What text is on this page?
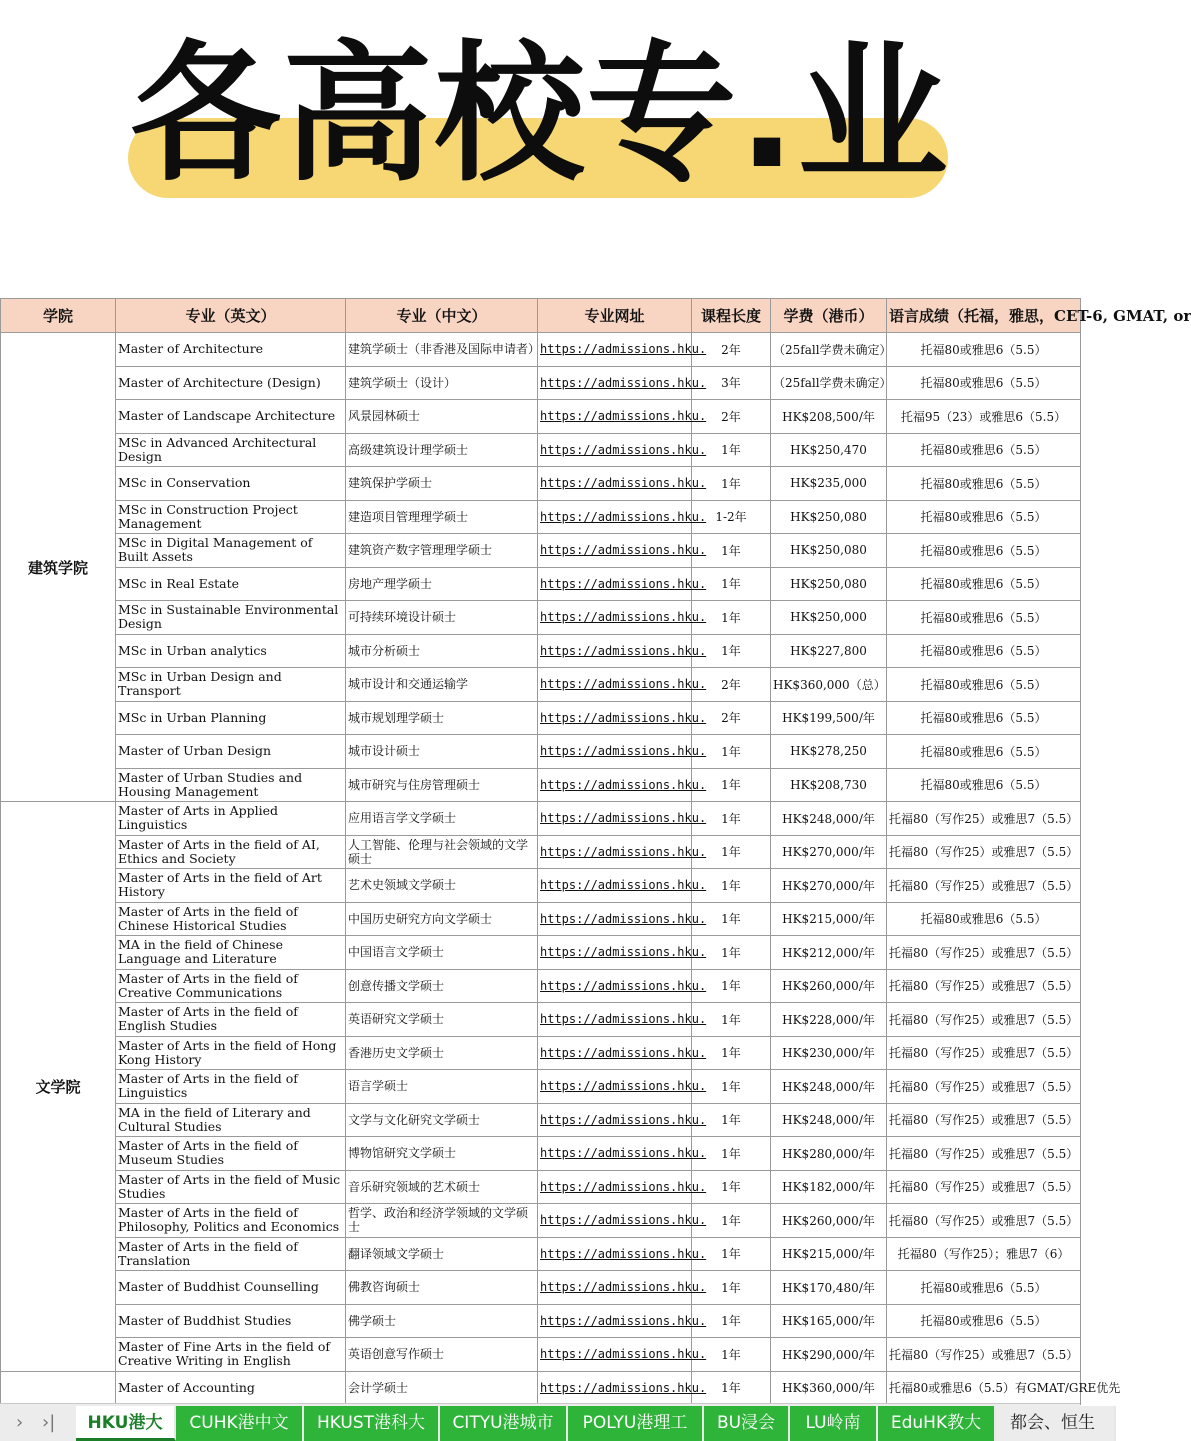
各高校专.业
学院	专业（英文）	专业（中文）	专业网址	课程长度	学费（港币）	语言成绩（托福，雅思，CET-6, GMAT, or
建筑学院	Master of Architecture	建筑学硕士（非香港及国际申请者）	https://admissions.hku.	2年	（25fall学费未确定）	托福80或雅思6（5.5）
	Master of Architecture (Design)	建筑学硕士（设计）	https://admissions.hku.	3年	（25fall学费未确定）	托福80或雅思6（5.5）
	Master of Landscape Architecture	风景园林硕士	https://admissions.hku.	2年	HK$208,500/年	托福95（23）或雅思6（5.5）
	MSc in Advanced Architectural Design	高级建筑设计理学硕士	https://admissions.hku.	1年	HK$250,470	托福80或雅思6（5.5）
	MSc in Conservation	建筑保护学硕士	https://admissions.hku.	1年	HK$235,000	托福80或雅思6（5.5）
	MSc in Construction Project Management	建造项目管理理学硕士	https://admissions.hku.	1-2年	HK$250,080	托福80或雅思6（5.5）
	MSc in Digital Management of Built Assets	建筑资产数字管理理学硕士	https://admissions.hku.	1年	HK$250,080	托福80或雅思6（5.5）
	MSc in Real Estate	房地产理学硕士	https://admissions.hku.	1年	HK$250,080	托福80或雅思6（5.5）
	MSc in Sustainable Environmental Design	可持续环境设计硕士	https://admissions.hku.	1年	HK$250,000	托福80或雅思6（5.5）
	MSc in Urban analytics	城市分析硕士	https://admissions.hku.	1年	HK$227,800	托福80或雅思6（5.5）
	MSc in Urban Design and Transport	城市设计和交通运输学	https://admissions.hku.	2年	HK$360,000（总）	托福80或雅思6（5.5）
	MSc in Urban Planning	城市规划理学硕士	https://admissions.hku.	2年	HK$199,500/年	托福80或雅思6（5.5）
	Master of Urban Design	城市设计硕士	https://admissions.hku.	1年	HK$278,250	托福80或雅思6（5.5）
	Master of Urban Studies and Housing Management	城市研究与住房管理硕士	https://admissions.hku.	1年	HK$208,730	托福80或雅思6（5.5）
文学院	Master of Arts in Applied Linguistics	应用语言学文学硕士	https://admissions.hku.	1年	HK$248,000/年	托福80（写作25）或雅思7（5.5）
	Master of Arts in the field of AI, Ethics and Society	人工智能、伦理与社会领域的文学硕士	https://admissions.hku.	1年	HK$270,000/年	托福80（写作25）或雅思7（5.5）
	Master of Arts in the field of Art History	艺术史领域文学硕士	https://admissions.hku.	1年	HK$270,000/年	托福80（写作25）或雅思7（5.5）
	Master of Arts in the field of Chinese Historical Studies	中国历史研究方向文学硕士	https://admissions.hku.	1年	HK$215,000/年	托福80或雅思6（5.5）
	MA in the field of Chinese Language and Literature	中国语言文学硕士	https://admissions.hku.	1年	HK$212,000/年	托福80（写作25）或雅思7（5.5）
	Master of Arts in the field of Creative Communications	创意传播文学硕士	https://admissions.hku.	1年	HK$260,000/年	托福80（写作25）或雅思7（5.5）
	Master of Arts in the field of English Studies	英语研究文学硕士	https://admissions.hku.	1年	HK$228,000/年	托福80（写作25）或雅思7（5.5）
	Master of Arts in the field of Hong Kong History	香港历史文学硕士	https://admissions.hku.	1年	HK$230,000/年	托福80（写作25）或雅思7（5.5）
	Master of Arts in the field of Linguistics	语言学硕士	https://admissions.hku.	1年	HK$248,000/年	托福80（写作25）或雅思7（5.5）
	MA in the field of Literary and Cultural Studies	文学与文化研究文学硕士	https://admissions.hku.	1年	HK$248,000/年	托福80（写作25）或雅思7（5.5）
	Master of Arts in the field of Museum Studies	博物馆研究文学硕士	https://admissions.hku.	1年	HK$280,000/年	托福80（写作25）或雅思7（5.5）
	Master of Arts in the field of Music Studies	音乐研究领域的艺术硕士	https://admissions.hku.	1年	HK$182,000/年	托福80（写作25）或雅思7（5.5）
	Master of Arts in the field of Philosophy, Politics and Economics	哲学、政治和经济学领域的文学硕士	https://admissions.hku.	1年	HK$260,000/年	托福80（写作25）或雅思7（5.5）
	Master of Arts in the field of Translation	翻译领域文学硕士	https://admissions.hku.	1年	HK$215,000/年	托福80（写作25）；雅思7（6）
	Master of Buddhist Counselling	佛教咨询硕士	https://admissions.hku.	1年	HK$170,480/年	托福80或雅思6（5.5）
	Master of Buddhist Studies	佛学硕士	https://admissions.hku.	1年	HK$165,000/年	托福80或雅思6（5.5）
	Master of Fine Arts in the field of Creative Writing in English	英语创意写作硕士	https://admissions.hku.	1年	HK$290,000/年	托福80（写作25）或雅思7（5.5）
	Master of Accounting	会计学硕士	https://admissions.hku.	1年	HK$360,000/年	托福80或雅思6（5.5）有GMAT/GRE优先
› ›|	HKU港大	CUHK港中文	HKUST港科大	CITYU港城市	POLYU港理工	BU浸会	LU岭南	EduHK教大	都会、恒生
